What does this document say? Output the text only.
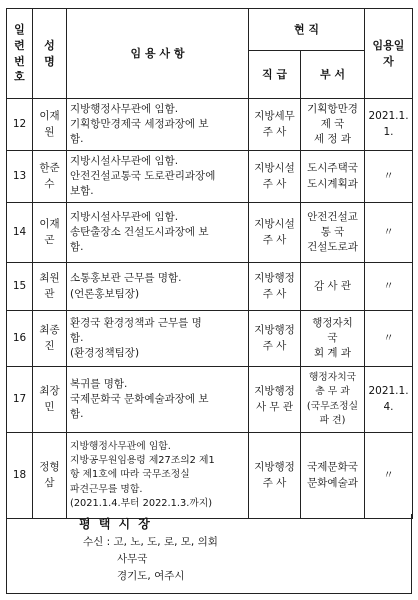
일
련
번
호	성
명	임 용 사 항	현 직		임용일
자
			직 급	부 서	
12	이재
원	지방행정사무관에 임함.
기획항만경제국 세정과장에 보
함.	지방세무
주 사	기획항만경
제 국
세 정 과	2021.1.
1.
13	한준
수	지방시설사무관에 임함.
안전건설교통국 도로관리과장에
보함.	지방시설
주 사	도시주택국
도시계획과	〃
14	이재
곤	지방시설사무관에 임함.
송탄출장소 건설도시과장에 보
함.	지방시설
주 사	안전건설교
통 국
건설도로과	〃
15	최원
관	소통홍보관 근무를 명함.
(언론홍보팀장)	지방행정
주 사	감 사 관	〃
16	최종
진	환경국 환경정책과 근무를 명
함.
(환경정책팀장)	지방행정
주 사	행정자치
국
회 계 과	〃
17	최장
민	복귀를 명함.
국제문화국 문화예술과장에 보
함.	지방행정
사 무 관	행정자치국
총 무 과
(국무조정실
파 견)	2021.1.
4.
18	정형
삼	지방행정사무관에 임함.
지방공무원임용령 제27조의2 제1
항 제1호에 따라 국무조정실
파견근무를 명함.
(2021.1.4.부터 2022.1.3.까지)	지방행정
주 사	국제문화국
문화예술과	〃
평 택 시 장
수신 : 고, 노, 도, 로, 모, 의회
사무국
경기도, 여주시
